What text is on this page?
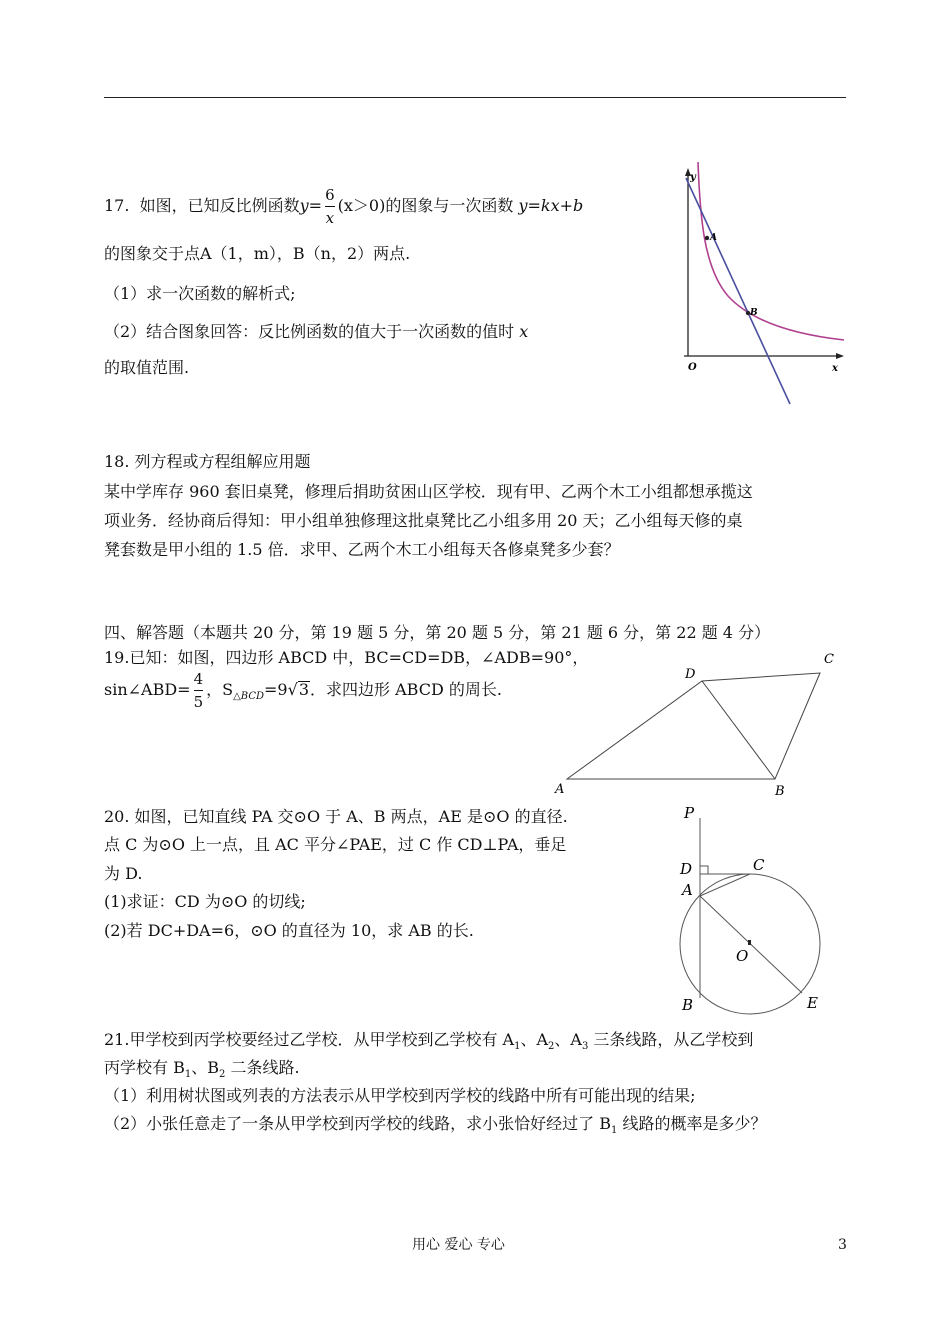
17. 如图，已知反比例函数$y= \frac{6}{x} (x>0)$的图象与一次函数 y=kx+b
的图象交于点A（1，m），B（n，2）两点.
（1）求一次函数的解析式;
（2）结合图象回答：反比例函数的值大于一次函数的值时 x
的取值范围.
y
x
O
A
B
18. 列方程或方程组解应用题
某中学库存 960 套旧桌凳，修理后捐助贫困山区学校．现有甲、乙两个木工小组都想承揽这
项业务．经协商后得知：甲小组单独修理这批桌凳比乙小组多用 20 天；乙小组每天修的桌
凳套数是甲小组的 1.5 倍．求甲、乙两个木工小组每天各修桌凳多少套？
四、解答题（本题共 20 分，第 19 题 5 分，第 20 题 5 分，第 21 题 6 分，第 22 题 4 分）
19.已知：如图，四边形 ABCD 中，BC=CD=DB，∠ADB=90°，
sin∠ABD= $\frac{4}{5}$ ，$S_{\triangle BCD}=9√3$．求四边形 ABCD 的周长.
A	B
C
D
20. 如图，已知直线 PA 交⊙O 于 A、B 两点，AE 是⊙O 的直径.
点 C 为⊙O 上一点，且 AC 平分∠PAE，过 C 作 CD⊥PA，垂足
为 D.
(1)求证：CD 为⊙O 的切线;
(2)若 DC+DA=6，⊙O 的直径为 10，求 AB 的长.
P
D	C
A
O
B	E
21.甲学校到丙学校要经过乙学校．从甲学校到乙学校有 $A_1$、$A_2$、$A_3$ 三条线路，从乙学校到
丙学校有 $B_1$、$B_2$ 二条线路.
（1）利用树状图或列表的方法表示从甲学校到丙学校的线路中所有可能出现的结果;
（2）小张任意走了一条从甲学校到丙学校的线路，求小张恰好经过了 $B_1$ 线路的概率是多少？
用心 爱心 专心	3
